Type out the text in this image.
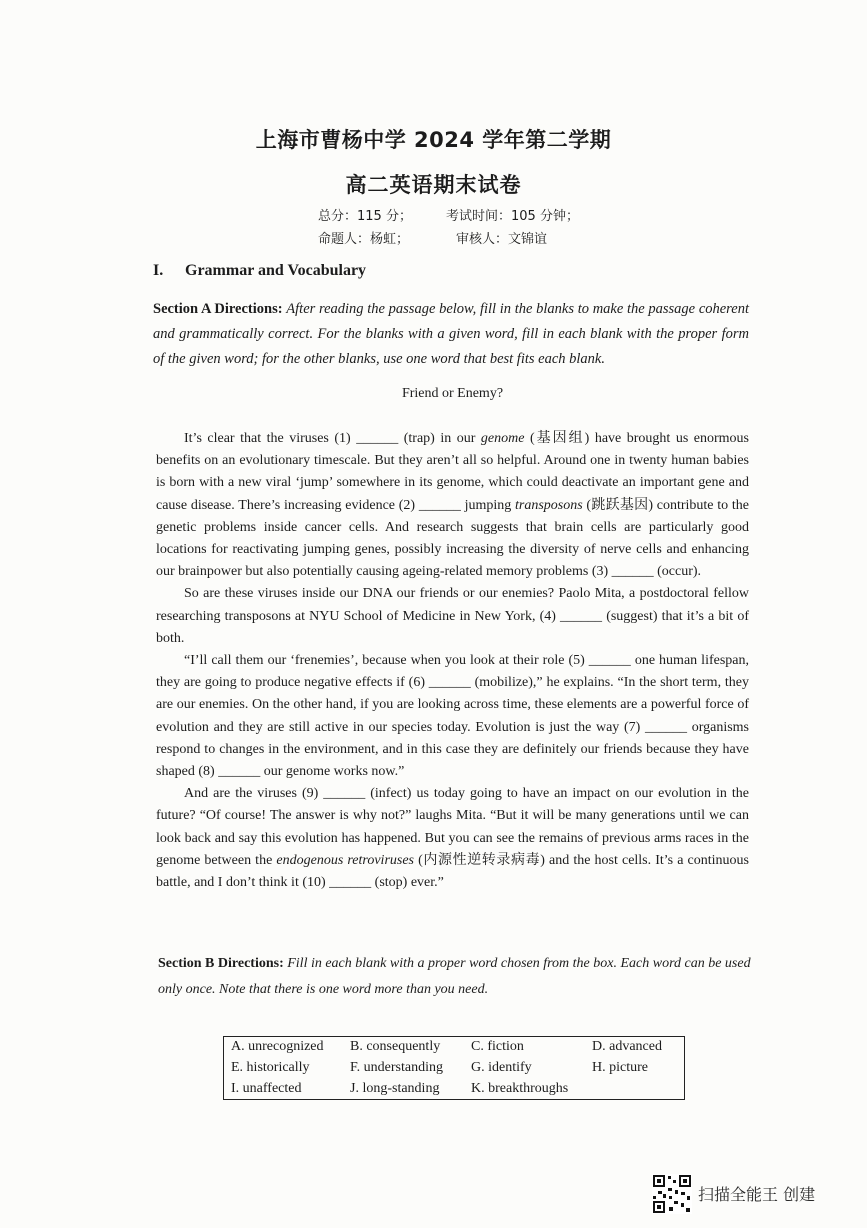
上海市曹杨中学 2024 学年第二学期
高二英语期末试卷
总分：115 分；	考试时间：105 分钟；
命题人：杨虹；	审核人：文锦谊
I. Grammar and Vocabulary
Section A Directions: After reading the passage below, fill in the blanks to make the passage coherent and grammatically correct. For the blanks with a given word, fill in each blank with the proper form of the given word; for the other blanks, use one word that best fits each blank.
Friend or Enemy?

It’s clear that the viruses (1) ______ (trap) in our genome (基因组) have brought us enormous benefits on an evolutionary timescale. But they aren’t all so helpful. Around one in twenty human babies is born with a new viral ‘jump’ somewhere in its genome, which could deactivate an important gene and cause disease. There’s increasing evidence (2) ______ jumping transposons (跳跃基因) contribute to the genetic problems inside cancer cells. And research suggests that brain cells are particularly good locations for reactivating jumping genes, possibly increasing the diversity of nerve cells and enhancing our brainpower but also potentially causing ageing-related memory problems (3) ______ (occur).

So are these viruses inside our DNA our friends or our enemies? Paolo Mita, a postdoctoral fellow researching transposons at NYU School of Medicine in New York, (4) ______ (suggest) that it’s a bit of both.

“I’ll call them our ‘frenemies’, because when you look at their role (5) ______ one human lifespan, they are going to produce negative effects if (6) ______ (mobilize),” he explains. “In the short term, they are our enemies. On the other hand, if you are looking across time, these elements are a powerful force of evolution and they are still active in our species today. Evolution is just the way (7) ______ organisms respond to changes in the environment, and in this case they are definitely our friends because they have shaped (8) ______ our genome works now.”

And are the viruses (9) ______ (infect) us today going to have an impact on our evolution in the future? “Of course! The answer is why not?” laughs Mita. “But it will be many generations until we can look back and say this evolution has happened. But you can see the remains of previous arms races in the genome between the endogenous retroviruses (内源性逆转录病毒) and the host cells. It’s a continuous battle, and I don’t think it (10) ______ (stop) ever.”

Section B Directions: Fill in each blank with a proper word chosen from the box. Each word can be used only once. Note that there is one word more than you need.
A. unrecognized B. consequently C. fiction	D. advanced
E. historically	F. understanding G. identify	H. picture
I. unaffected	J. long-standing K. breakthroughs
扫描全能王 创建
